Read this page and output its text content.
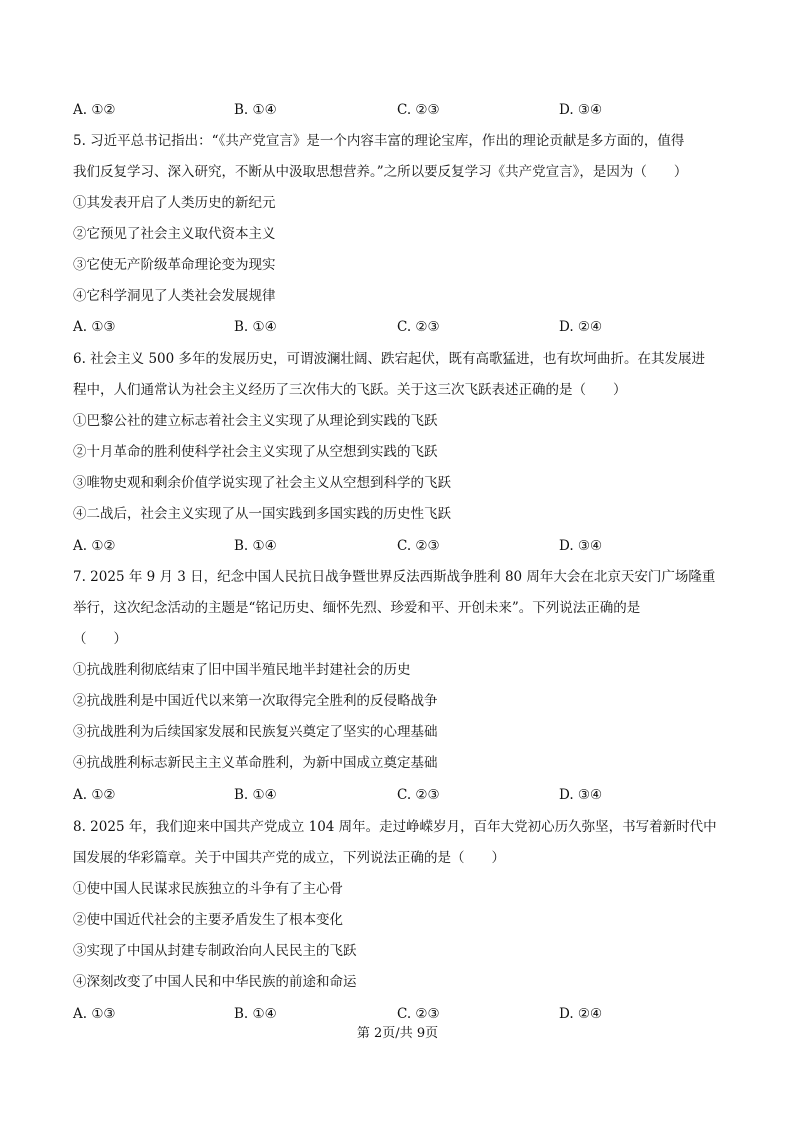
A. ①②	B. ①④	C. ②③	D. ③④
5. 习近平总书记指出：“《共产党宣言》是一个内容丰富的理论宝库，作出的理论贡献是多方面的，值得
我们反复学习、深入研究，不断从中汲取思想营养。”之所以要反复学习《共产党宣言》，是因为（　　）
①其发表开启了人类历史的新纪元
②它预见了社会主义取代资本主义
③它使无产阶级革命理论变为现实
④它科学洞见了人类社会发展规律
A. ①③	B. ①④	C. ②③	D. ②④
6. 社会主义 500 多年的发展历史，可谓波澜壮阔、跌宕起伏，既有高歌猛进，也有坎坷曲折。在其发展进
程中，人们通常认为社会主义经历了三次伟大的飞跃。关于这三次飞跃表述正确的是（　　）
①巴黎公社的建立标志着社会主义实现了从理论到实践的飞跃
②十月革命的胜利使科学社会主义实现了从空想到实践的飞跃
③唯物史观和剩余价值学说实现了社会主义从空想到科学的飞跃
④二战后，社会主义实现了从一国实践到多国实践的历史性飞跃
A. ①②	B. ①④	C. ②③	D. ③④
7. 2025 年 9 月 3 日，纪念中国人民抗日战争暨世界反法西斯战争胜利 80 周年大会在北京天安门广场隆重
举行，这次纪念活动的主题是“铭记历史、缅怀先烈、珍爱和平、开创未来”。下列说法正确的是
（　　）
①抗战胜利彻底结束了旧中国半殖民地半封建社会的历史
②抗战胜利是中国近代以来第一次取得完全胜利的反侵略战争
③抗战胜利为后续国家发展和民族复兴奠定了坚实的心理基础
④抗战胜利标志新民主主义革命胜利，为新中国成立奠定基础
A. ①②	B. ①④	C. ②③	D. ③④
8. 2025 年，我们迎来中国共产党成立 104 周年。走过峥嵘岁月，百年大党初心历久弥坚，书写着新时代中
国发展的华彩篇章。关于中国共产党的成立，下列说法正确的是（　　）
①使中国人民谋求民族独立的斗争有了主心骨
②使中国近代社会的主要矛盾发生了根本变化
③实现了中国从封建专制政治向人民民主的飞跃
④深刻改变了中国人民和中华民族的前途和命运
A. ①③	B. ①④	C. ②③	D. ②④
第 2页/共 9页
